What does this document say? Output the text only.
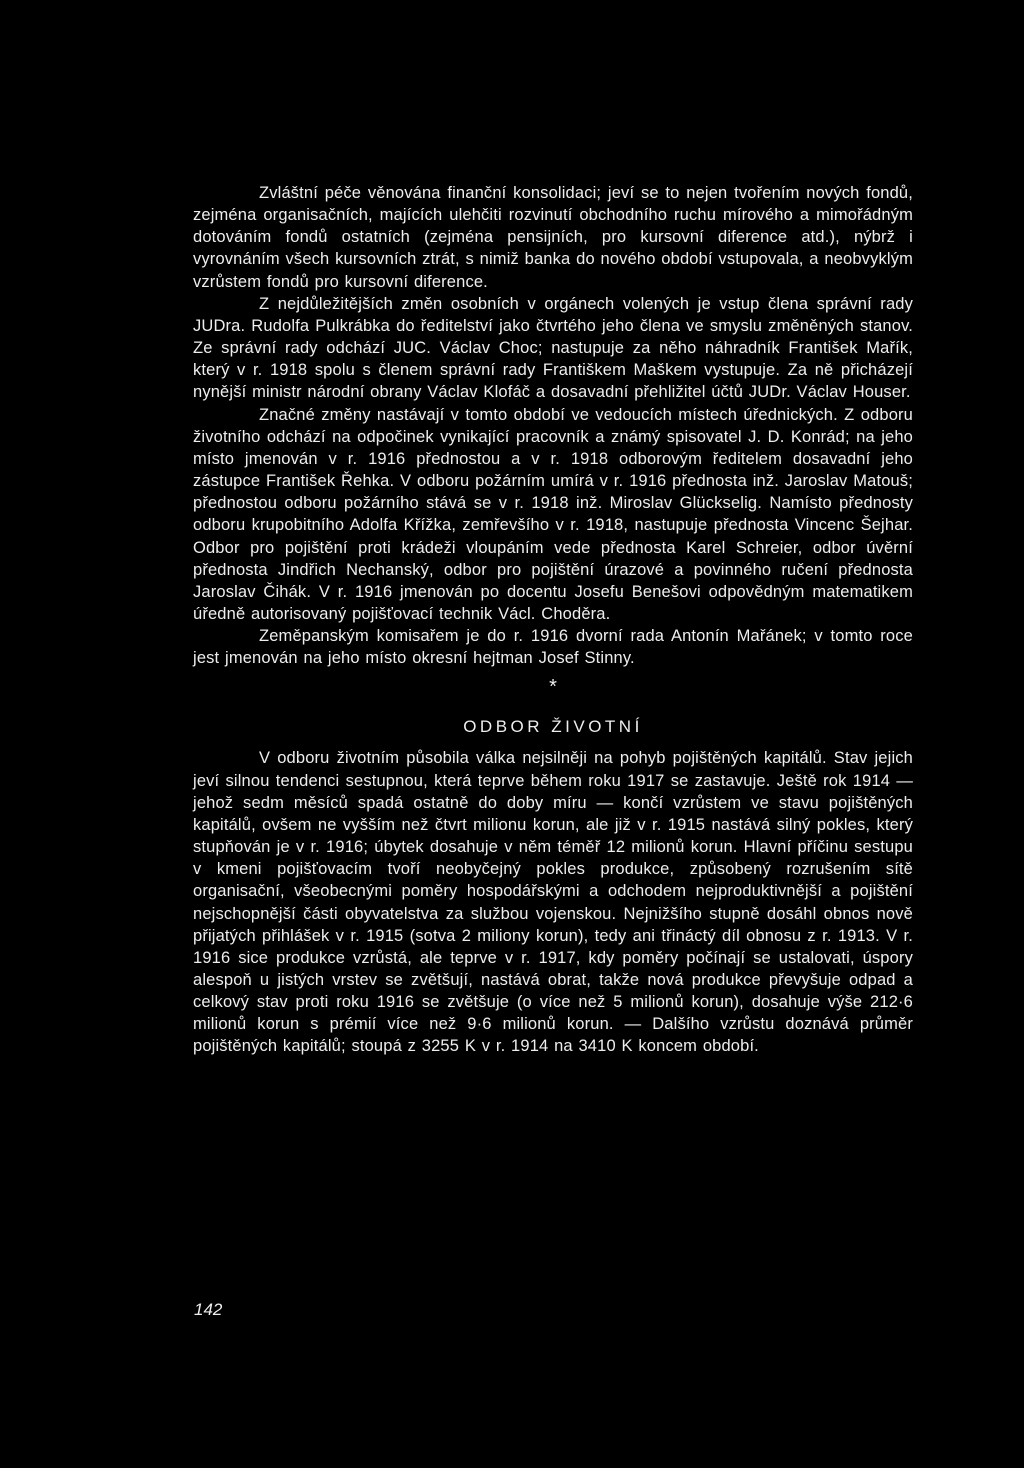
Zvláštní péče věnována finanční konsolidaci; jeví se to nejen tvořením nových fondů, zejména organisačních, majících ulehčiti rozvinutí obchodního ruchu mírového a mimořádným dotováním fondů ostatních (zejména pensijních, pro kursovní diference atd.), nýbrž i vyrovnáním všech kursovních ztrát, s nimiž banka do nového období vstupovala, a neobvyklým vzrůstem fondů pro kursovní diference.

Z nejdůležitějších změn osobních v orgánech volených je vstup člena správní rady JUDra. Rudolfa Pulkrábka do ředitelství jako čtvrtého jeho člena ve smyslu změněných stanov. Ze správní rady odchází JUC. Václav Choc; nastupuje za něho náhradník František Mařík, který v r. 1918 spolu s členem správní rady Františkem Maškem vystupuje. Za ně přicházejí nynější ministr národní obrany Václav Klofáč a dosavadní přehližitel účtů JUDr. Václav Houser.

Značné změny nastávají v tomto období ve vedoucích místech úřednických. Z odboru životního odchází na odpočinek vynikající pracovník a známý spisovatel J. D. Konrád; na jeho místo jmenován v r. 1916 přednostou a v r. 1918 odborovým ředitelem dosavadní jeho zástupce František Řehka. V odboru požárním umírá v r. 1916 přednosta inž. Jaroslav Matouš; přednostou odboru požárního stává se v r. 1918 inž. Miroslav Glückselig. Namísto přednosty odboru krupobitního Adolfa Křížka, zemřevšího v r. 1918, nastupuje přednosta Vincenc Šejhar. Odbor pro pojištění proti krádeži vloupáním vede přednosta Karel Schreier, odbor úvěrní přednosta Jindřich Nechanský, odbor pro pojištění úrazové a povinného ručení přednosta Jaroslav Čihák. V r. 1916 jmenován po docentu Josefu Benešovi odpovědným matematikem úředně autorisovaný pojišťovací technik Václ. Choděra.

Zeměpanským komisařem je do r. 1916 dvorní rada Antonín Mařánek; v tomto roce jest jmenován na jeho místo okresní hejtman Josef Stinny.

*
ODBOR ŽIVOTNÍ

V odboru životním působila válka nejsilněji na pohyb pojištěných kapitálů. Stav jejich jeví silnou tendenci sestupnou, která teprve během roku 1917 se zastavuje. Ještě rok 1914 — jehož sedm měsíců spadá ostatně do doby míru — končí vzrůstem ve stavu pojištěných kapitálů, ovšem ne vyšším než čtvrt milionu korun, ale již v r. 1915 nastává silný pokles, který stupňován je v r. 1916; úbytek dosahuje v něm téměř 12 milionů korun. Hlavní příčinu sestupu v kmeni pojišťovacím tvoří neobyčejný pokles produkce, způsobený rozrušením sítě organisační, všeobecnými poměry hospodářskými a odchodem nejproduktivnější a pojištění nejschopnější části obyvatelstva za službou vojenskou. Nejnižšího stupně dosáhl obnos nově přijatých přihlášek v r. 1915 (sotva 2 miliony korun), tedy ani třináctý díl obnosu z r. 1913. V r. 1916 sice produkce vzrůstá, ale teprve v r. 1917, kdy poměry počínají se ustalovati, úspory alespoň u jistých vrstev se zvětšují, nastává obrat, takže nová produkce převyšuje odpad a celkový stav proti roku 1916 se zvětšuje (o více než 5 milionů korun), dosahuje výše 212·6 milionů korun s prémií více než 9·6 milionů korun. — Dalšího vzrůstu doznává průměr pojištěných kapitálů; stoupá z 3255 K v r. 1914 na 3410 K koncem období.

142
